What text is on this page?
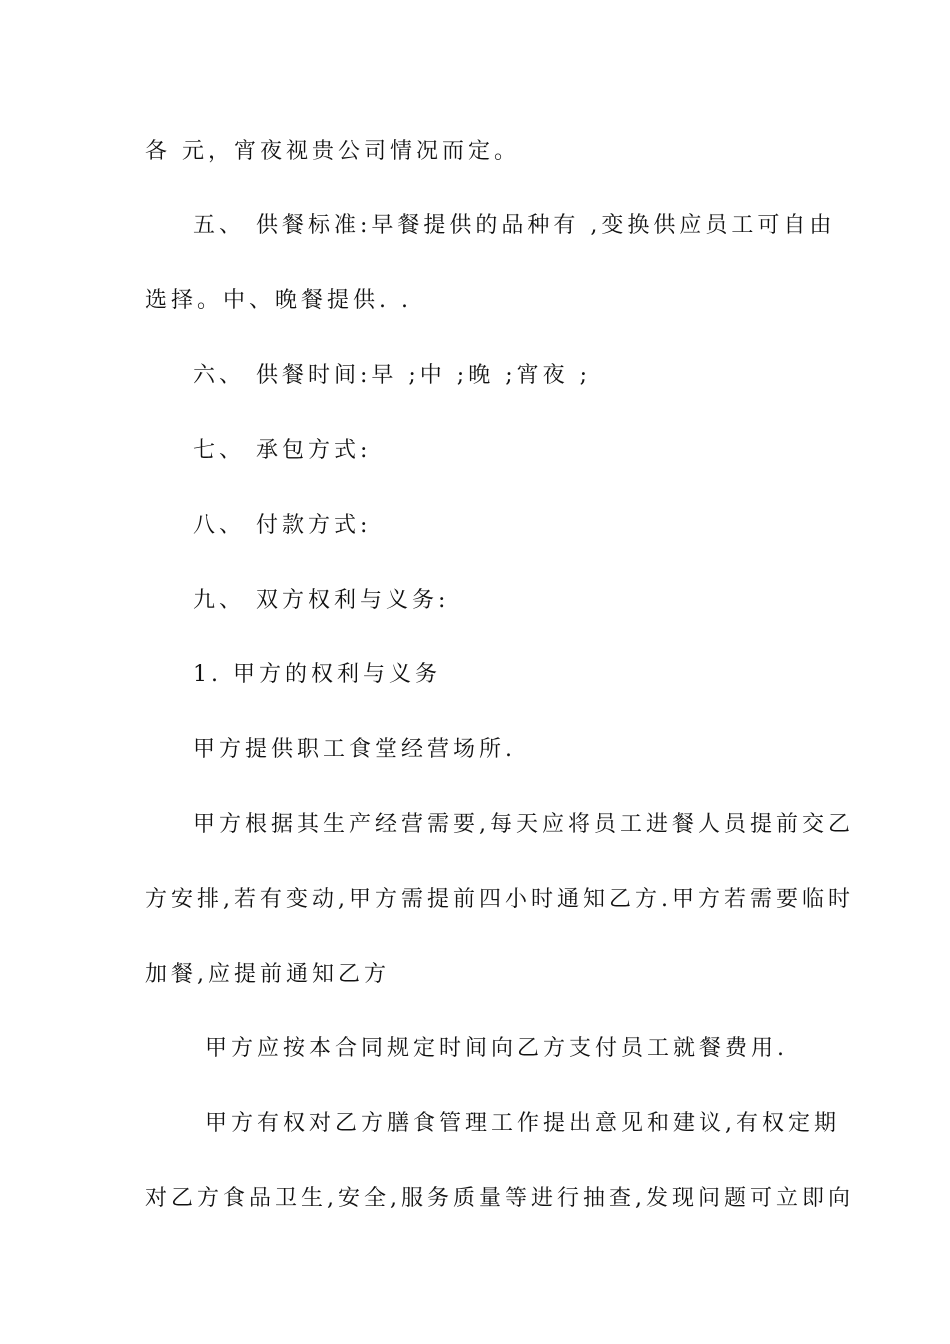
各 元，宵夜视贵公司情况而定。
五、 供餐标准:早餐提供的品种有 ,变换供应员工可自由
选择。中、晚餐提供. .
六、 供餐时间:早 ;中 ;晚 ;宵夜 ;
七、 承包方式:
八、 付款方式:
九、 双方权利与义务:
1. 甲方的权利与义务
甲方提供职工食堂经营场所.
甲方根据其生产经营需要,每天应将员工进餐人员提前交乙
方安排,若有变动,甲方需提前四小时通知乙方.甲方若需要临时
加餐,应提前通知乙方
甲方应按本合同规定时间向乙方支付员工就餐费用.
甲方有权对乙方膳食管理工作提出意见和建议,有权定期
对乙方食品卫生,安全,服务质量等进行抽查,发现问题可立即向
